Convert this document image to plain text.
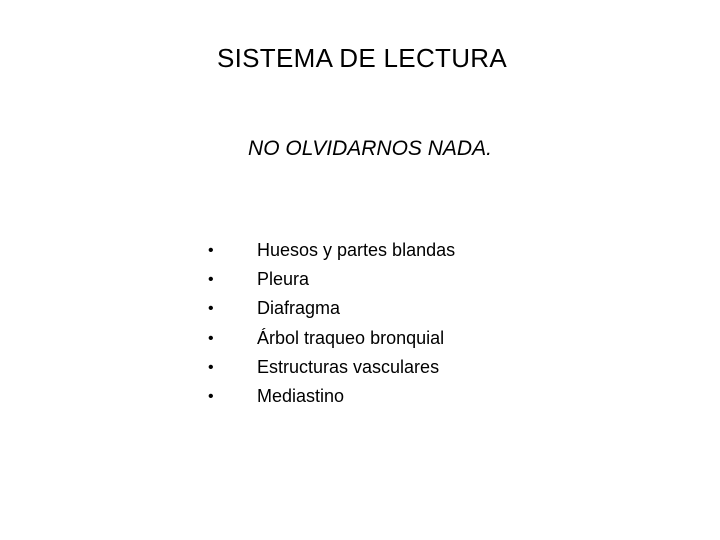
SISTEMA DE LECTURA
NO OLVIDARNOS NADA.
• Huesos y partes blandas
• Pleura
• Diafragma
• Árbol traqueo bronquial
• Estructuras vasculares
• Mediastino
